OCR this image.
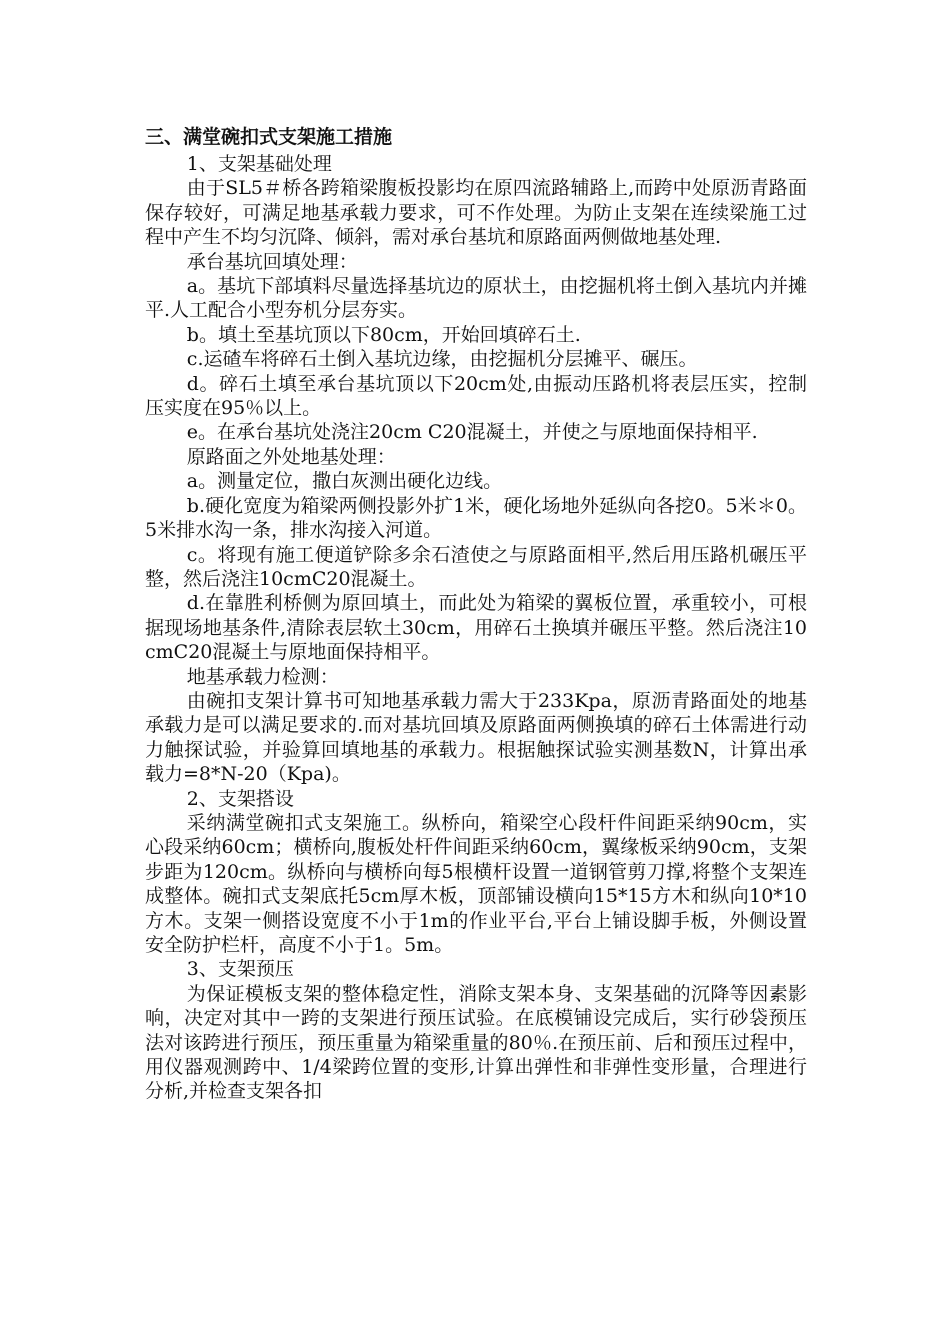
三、满堂碗扣式支架施工措施

1、支架基础处理

由于SL5＃桥各跨箱梁腹板投影均在原四流路辅路上,而跨中处原沥青路面保存较好，可满足地基承载力要求，可不作处理。为防止支架在连续梁施工过程中产生不均匀沉降、倾斜，需对承台基坑和原路面两侧做地基处理.

承台基坑回填处理：

a。基坑下部填料尽量选择基坑边的原状土，由挖掘机将土倒入基坑内并摊平.人工配合小型夯机分层夯实。

b。填土至基坑顶以下80cm，开始回填碎石土.

c.运碴车将碎石土倒入基坑边缘，由挖掘机分层摊平、碾压。

d。碎石土填至承台基坑顶以下20cm处,由振动压路机将表层压实，控制压实度在95％以上。

e。在承台基坑处浇注20cm C20混凝土，并使之与原地面保持相平.

原路面之外处地基处理：

a。测量定位，撒白灰测出硬化边线。

b.硬化宽度为箱梁两侧投影外扩1米，硬化场地外延纵向各挖0。5米＊0。5米排水沟一条，排水沟接入河道。

c。将现有施工便道铲除多余石渣使之与原路面相平,然后用压路机碾压平整，然后浇注10cmC20混凝土。

d.在靠胜利桥侧为原回填土，而此处为箱梁的翼板位置，承重较小，可根据现场地基条件,清除表层软土30cm，用碎石土换填并碾压平整。然后浇注10cmC20混凝土与原地面保持相平。

地基承载力检测：

由碗扣支架计算书可知地基承载力需大于233Kpa，原沥青路面处的地基承载力是可以满足要求的.而对基坑回填及原路面两侧换填的碎石土体需进行动力触探试验，并验算回填地基的承载力。根据触探试验实测基数N，计算出承载力=8*N-20（Kpa)。

2、支架搭设

采纳满堂碗扣式支架施工。纵桥向，箱梁空心段杆件间距采纳90cm，实心段采纳60cm；横桥向,腹板处杆件间距采纳60cm，翼缘板采纳90cm，支架步距为120cm。纵桥向与横桥向每5根横杆设置一道钢管剪刀撑,将整个支架连成整体。碗扣式支架底托5cm厚木板，顶部铺设横向15*15方木和纵向10*10方木。支架一侧搭设宽度不小于1m的作业平台,平台上铺设脚手板，外侧设置安全防护栏杆，高度不小于1。5m。

3、支架预压

为保证模板支架的整体稳定性，消除支架本身、支架基础的沉降等因素影响，决定对其中一跨的支架进行预压试验。在底模铺设完成后，实行砂袋预压法对该跨进行预压，预压重量为箱梁重量的80％.在预压前、后和预压过程中，用仪器观测跨中、1/4梁跨位置的变形,计算出弹性和非弹性变形量，合理进行分析,并检查支架各扣
